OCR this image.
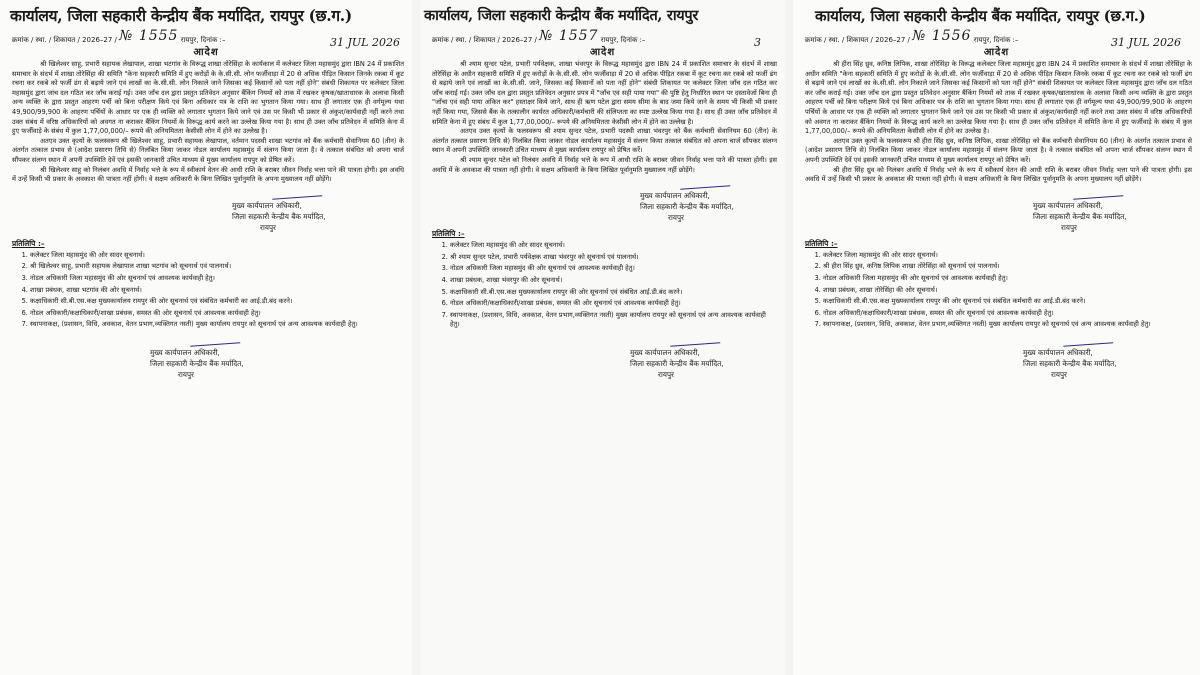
कार्यालय, जिला सहकारी केन्द्रीय बैंक मर्यादित, रायपुर (छ.ग.)
क्रमांक / स्था. / शिकायत / 2026–27 / № 1555 रायपुर, दिनांक :–	31 JUL 2026
आदेश

श्री खिलेश्वर साहू, प्रभारी सहायक लेखापाल, शाखा भटगांव के विरूद्ध शाखा तोरेसिंहा के कार्यकाल में कलेक्टर जिला महासमुंद द्वारा IBN 24 में प्रकाशित समाचार के संदर्भ में शाखा तोरेसिंहा की समिति "केना सहकारी समिति में हुए करोड़ों के के.सी.सी. लोन फर्जीवाड़ा में 20 से अधिक पीड़ित किसान जिनके रकबा में कूट रचना कर रकबे को फर्जी ढंग से बढ़ाये जाने एवं लाखों का के.सी.सी. लोन निकाले जाने जिसका कई किसानों को पता नहीं होने" संबंधी शिकायत पर कलेक्टर जिला महासमुंद द्वारा जांच दल गठित कर जाँच कराई गई। उक्त जाँच दल द्वारा प्रस्तुत प्रतिवेदन अनुसार बैंकिंग नियमों को ताक में रखकर कृषक/खाताधारक के अलावा किसी अन्य व्यक्ति के द्वारा प्रस्तुत आहरण पर्ची को बिना परीक्षण किये एवं बिना अधिकार पत्र के राशि का भुगतान किया गया। साथ ही लगातार एक ही वर्गमूल्य यथा 49,900/99,900 के आहरण पर्चियों के आधार पर एक ही व्यक्ति को लगातार भुगतान किये जाने एवं उस पर किसी भी प्रकार से अंकुश/कार्यवाही नहीं करने तथा उक्त संबंध में वरिष्ठ अधिकारियों को अवगत ना कराकर बैंकिंग नियमों के विरूद्ध कार्य करने का उल्लेख किया गया है। साथ ही उक्त जाँच प्रतिवेदन में समिति केना में हुए फर्जीवाड़े के संबंध में कुल 1,77,00,000/– रूपये की अनियमितता केसीसी लोन में होने का उल्लेख है।

अतएव उक्त कृत्यों के फलस्वरूप श्री खिलेश्वर साहू, प्रभारी सहायक लेखापाल, वर्तमान पदस्थी शाखा भटगांव को बैंक कर्मचारी सेवानियम 60 (तीन) के अंतर्गत तत्काल प्रभाव से (आदेश प्रसारण तिथि से) निलंबित किया जाकर नोडल कार्यालय महासमुंद में संलग्न किया जाता है। वे तत्काल संबंधित को अपना चार्ज सौंपकर संलग्न स्थान में अपनी उपस्थिति देवें एवं इसकी जानकारी उचित माध्यम से मुख्य कार्यालय रायपुर को प्रेषित करें।

श्री खिलेश्वर साहू को निलंबन अवधि में निर्वाह भत्ते के रूप में स्वीकार्य वेतन की आधी राशि के बराबर जीवन निर्वाह भत्ता पाने की पात्रता होगी। इस अवधि में उन्हें किसी भी प्रकार के अवकाश की पात्रता नहीं होगी। वे सक्षम अधिकारी के बिना लिखित पूर्वानुमति के अपना मुख्यालय नहीं छोड़ेंगे।

मुख्य कार्यपालन अधिकारी,
जिला सहकारी केन्द्रीय बैंक मर्यादित,
रायपुर
प्रतिलिपि :–
1. कलेक्टर जिला महासमुंद की ओर सादर सूचनार्थ।
2. श्री खिलेश्वर साहू, प्रभारी सहायक लेखापाल शाखा भटगांव को सूचनार्थ एवं पालनार्थ।
3. नोडल अधिकारी जिला महासमुंद की ओर सूचनार्थ एवं आवश्यक कार्यवाही हेतु।
4. शाखा प्रबंधक, शाखा भटगांव की ओर सूचनार्थ।
5. कक्षाधिकारी सी.बी.एस.कक्ष मुख्यकार्यालय रायपुर की ओर सूचनार्थ एवं संबंधित कर्मचारी का आई.डी.बंद करने।
6. नोडल अधिकारी/कक्षाधिकारी/शाखा प्रबंधक, समस्त की ओर सूचनार्थ एवं आवश्यक कार्यवाही हेतु।
7. स्थापनाकक्ष, (प्रशासन, विधि, अवकाश, वेतन प्रभाग,व्यक्तिगत नस्ती) मुख्य कार्यालय रायपुर को सूचनार्थ एवं अन्य आवश्यक कार्यवाही हेतु।
मुख्य कार्यपालन अधिकारी,
जिला सहकारी केन्द्रीय बैंक मर्यादित,
रायपुर
कार्यालय, जिला सहकारी केन्द्रीय बैंक मर्यादित, रायपुर
क्रमांक / स्था. / शिकायत / 2026–27 / № 1557 रायपुर, दिनांक :–	3
आदेश

श्री श्याम सुन्दर पटेल, प्रभारी पर्यवेक्षक, शाखा भंवरपुर के विरूद्ध महासमुंद द्वारा IBN 24 में प्रकाशित समाचार के संदर्भ में शाखा तोरेसिंहा के अधीन सहकारी समिति में हुए करोड़ों के के.सी.सी. लोन फर्जीवाड़ा में 20 से अधिक पीड़ित रकबा में कूट रचना कर रकबे को फर्जी ढंग से बढ़ाये जाने एवं लाखों का के.सी.सी. जाने, जिसका कई किसानों को पता नहीं होने" संबंधी शिकायत पर कलेक्टर जिला जाँच दल गठित कर जाँच कराई गई। उक्त जाँच दल द्वारा प्रस्तुत प्रतिवेदन अनुसार प्रपत्र में "जाँच एवं सही पाया गया" की पुष्टि हेतु निर्धारित स्थान पर दस्तावेजों बिना ही "जाँचा एवं सही पाया अंकित कर" हस्ताक्षर किये जाने, साथ ही ऋण पटेल द्वारा समय सीमा के बाद जमा किये जाने के समय भी किसी भी प्रकार नहीं किया गया, जिससे बैंक के तत्कालीन कार्यरत अधिकारी/कर्मचारी की संलिप्तता का स्पष्ट उल्लेख किया गया है। साथ ही उक्त जाँच प्रतिवेदन में समिति केना में हुए संबंध में कुल 1,77,00,000/– रूपये की अनियमितता केसीसी लोन में होने का उल्लेख है।

अतएव उक्त कृत्यों के फलस्वरूप श्री श्याम सुन्दर पटेल, प्रभारी पदस्थी शाखा भंवरपुर को बैंक कर्मचारी सेवानियम 60 (तीन) के अंतर्गत तत्काल प्रसारण तिथि से) निलंबित किया जाकर नोडल कार्यालय महासमुंद में संलग्न किया तत्काल संबंधित को अपना चार्ज सौंपकर संलग्न स्थान में अपनी उपस्थिति जानकारी उचित माध्यम से मुख्य कार्यालय रायपुर को प्रेषित करें।

श्री श्याम सुन्दर पटेल को निलंबन अवधि में निर्वाह भत्ते के रूप में आधी राशि के बराबर जीवन निर्वाह भत्ता पाने की पात्रता होगी। इस अवधि में के अवकाश की पात्रता नहीं होगी। वे सक्षम अधिकारी के बिना लिखित पूर्वानुमति मुख्यालय नहीं छोड़ेंगे।

मुख्य कार्यपालन अधिकारी,
जिला सहकारी केन्द्रीय बैंक मर्यादित,
रायपुर
प्रतिलिपि :–
1. कलेक्टर जिला महासमुंद की ओर सादर सूचनार्थ।
2. श्री श्याम सुन्दर पटेल, प्रभारी पर्यवेक्षक शाखा भंवरपुर को सूचनार्थ एवं पालनार्थ।
3. नोडल अधिकारी जिला महासमुंद की ओर सूचनार्थ एवं आवश्यक कार्यवाही हेतु।
4. शाखा प्रबंधक, शाखा भंवरपुर की ओर सूचनार्थ।
5. कक्षाधिकारी सी.बी.एस.कक्ष मुख्यकार्यालय रायपुर की ओर सूचनार्थ एवं संबंधित आई.डी.बंद करने।
6. नोडल अधिकारी/कक्षाधिकारी/शाखा प्रबंधक, समस्त की ओर सूचनार्थ एवं आवश्यक कार्यवाही हेतु।
7. स्थापनाकक्ष, (प्रशासन, विधि, अवकाश, वेतन प्रभाग,व्यक्तिगत नस्ती) मुख्य कार्यालय रायपुर को सूचनार्थ एवं अन्य आवश्यक कार्यवाही हेतु।
मुख्य कार्यपालन अधिकारी,
जिला सहकारी केन्द्रीय बैंक मर्यादित,
रायपुर
कार्यालय, जिला सहकारी केन्द्रीय बैंक मर्यादित, रायपुर (छ.ग.)
क्रमांक / स्था. / शिकायत / 2026–27 / № 1556 रायपुर, दिनांक :–	31 JUL 2026
आदेश

श्री हीरा सिंह ध्रुव, कनिष्ठ लिपिक, शाखा तोरेसिंहा के विरूद्ध कलेक्टर जिला महासमुंद द्वारा IBN 24 में प्रकाशित समाचार के संदर्भ में शाखा तोरेसिंहा के अधीन समिति "केना सहकारी समिति में हुए करोड़ों के के.सी.सी. लोन फर्जीवाड़ा में 20 से अधिक पीड़ित किसान जिनके रकबा में कूट रचना कर रकबे को फर्जी ढंग से बढ़ाये जाने एवं लाखों का के.सी.सी. लोन निकाले जाने जिसका कई किसानों को पता नहीं होने" संबंधी शिकायत पर कलेक्टर जिला महासमुंद द्वारा जाँच दल गठित कर जाँच कराई गई। उक्त जाँच दल द्वारा प्रस्तुत प्रतिवेदन अनुसार बैंकिंग नियमों को ताक में रखकर कृषक/खाताधारक के अलावा किसी अन्य व्यक्ति के द्वारा प्रस्तुत आहरण पर्ची को बिना परीक्षण किये एवं बिना अधिकार पत्र के राशि का भुगतान किया गया। साथ ही लगातार एक ही वर्गमूल्य यथा 49,900/99,900 के आहरण पर्चियों के आधार पर एक ही व्यक्ति को लगातार भुगतान किये जाने एवं उस पर किसी भी प्रकार से अंकुश/कार्यवाही नहीं करने तथा उक्त संबंध में वरिष्ठ अधिकारियों को अवगत ना कराकर बैंकिंग नियमों के विरूद्ध कार्य करने का उल्लेख किया गया है। साथ ही उक्त जाँच प्रतिवेदन में समिति केना में हुए फर्जीवाड़े के संबंध में कुल 1,77,00,000/– रूपये की अनियमितता केसीसी लोन में होने का उल्लेख है।

अतएव उक्त कृत्यों के फलस्वरूप श्री हीरा सिंह ध्रुव, कनिष्ठ लिपिक, शाखा तोरेसिंहा को बैंक कर्मचारी सेवानियम 60 (तीन) के अंतर्गत तत्काल प्रभाव से (आदेश प्रसारण तिथि से) निलंबित किया जाकर नोडल कार्यालय महासमुंद में संलग्न किया जाता है। वे तत्काल संबंधित को अपना चार्ज सौंपकर संलग्न स्थान में अपनी उपस्थिति देवें एवं इसकी जानकारी उचित माध्यम से मुख्य कार्यालय रायपुर को प्रेषित करें।

श्री हीरा सिंह ध्रुव को निलंबन अवधि में निर्वाह भत्ते के रूप में स्वीकार्य वेतन की आधी राशि के बराबर जीवन निर्वाह भत्ता पाने की पात्रता होगी। इस अवधि में उन्हें किसी भी प्रकार के अवकाश की पात्रता नहीं होगी। वे सक्षम अधिकारी के बिना लिखित पूर्वानुमति के अपना मुख्यालय नहीं छोड़ेंगे।

मुख्य कार्यपालन अधिकारी,
जिला सहकारी केन्द्रीय बैंक मर्यादित,
रायपुर
प्रतिलिपि :–
1. कलेक्टर जिला महासमुंद की ओर सादर सूचनार्थ।
2. श्री हीरा सिंह ध्रुव, कनिष्ठ लिपिक शाखा तोरेसिंहा को सूचनार्थ एवं पालनार्थ।
3. नोडल अधिकारी जिला महासमुंद की ओर सूचनार्थ एवं आवश्यक कार्यवाही हेतु।
4. शाखा प्रबंधक, शाखा तोरेसिंहा की ओर सूचनार्थ।
5. कक्षाधिकारी सी.बी.एस.कक्ष मुख्यकार्यालय रायपुर की ओर सूचनार्थ एवं संबंधित कर्मचारी का आई.डी.बंद करने।
6. नोडल अधिकारी/कक्षाधिकारी/शाखा प्रबंधक, समस्त की ओर सूचनार्थ एवं आवश्यक कार्यवाही हेतु।
7. स्थापनाकक्ष, (प्रशासन, विधि, अवकाश, वेतन प्रभाग,व्यक्तिगत नस्ती) मुख्य कार्यालय रायपुर को सूचनार्थ एवं अन्य आवश्यक कार्यवाही हेतु।
मुख्य कार्यपालन अधिकारी,
जिला सहकारी केन्द्रीय बैंक मर्यादित,
रायपुर
